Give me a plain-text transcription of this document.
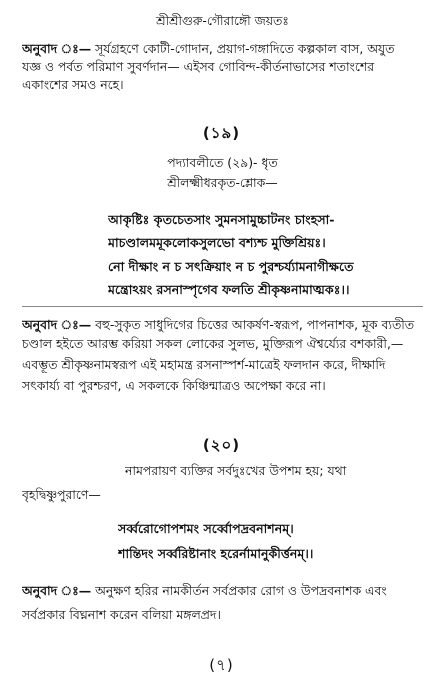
শ্রীশ্রীগুরু-গৌরাঙ্গৌ জয়তঃ
অনুবাদ ঃ— সূর্যগ্রহণে কোটী-গোদান, প্রয়াগ-গঙ্গাদিতে কল্পকাল বাস, অযুত
যজ্ঞ ও পর্বত পরিমাণ সুবর্ণদান— এইসব গোবিন্দ-কীর্তনাভাসের শতাংশের
একাংশের সমও নহে।
(১৯)
পদ্যাবলীতে (২৯)- ধৃত
শ্রীলক্ষ্মীধরকৃত-শ্লোক—
আকৃষ্টিঃ কৃতচেতসাং সুমনসামুচ্চাটনং চাংহসা-
মাচণ্ডালমমূকলোকসুলভো বশ্যশ্চ মুক্তিশ্রিয়ঃ।
নো দীক্ষাং ন চ সৎক্রিয়াং ন চ পুরশ্চর্য্যামনাগীক্ষতে
মন্ত্রোঽয়ং রসনাস্পৃগেব ফলতি শ্রীকৃষ্ণনামাত্মকঃ।।
অনুবাদ ঃ— বহু-সুকৃত সাধুদিগের চিত্তের আকর্ষণ-স্বরূপ, পাপনাশক, মূক ব্যতীত
চণ্ডাল হইতে আরম্ভ করিয়া সকল লোকের সুলভ, মুক্তিরূপ ঐশ্বর্য্যের বশকারী,—
এবম্ভূত শ্রীকৃষ্ণনামস্বরূপ এই মহামন্ত্র রসনাস্পর্শ-মাত্রেই ফলদান করে, দীক্ষাদি
সৎকার্য্য বা পুরশ্চরণ, এ সকলকে কিঞ্চিন্মাত্রও অপেক্ষা করে না।
(২০)
নামপরায়ণ ব্যক্তির সর্বদুঃখের উপশম হয়; যথা
বৃহদ্বিষ্ণুপুরাণে—
সর্ব্বরোগোপশমং সর্ব্বোপদ্রবনাশনম্‌।
শান্তিদং সর্ব্বরিষ্টানাং হরের্নামানুকীর্ত্তনম্‌।।
অনুবাদ ঃ— অনুক্ষণ হরির নামকীর্তন সর্বপ্রকার রোগ ও উপদ্রবনাশক এবং
সর্বপ্রকার বিঘ্ননাশ করেন বলিয়া মঙ্গলপ্রদ।
(৭)
